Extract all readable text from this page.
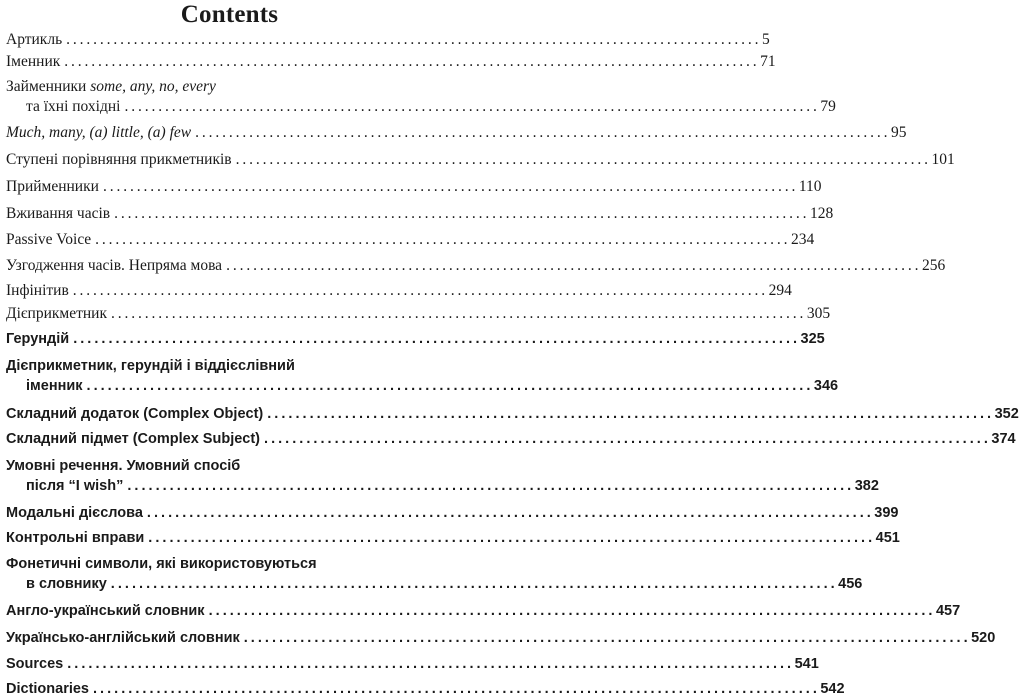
Contents
Артикль . . .	5
Іменник . . .	71
Займенники some, any, no, every
та їхні похідні . . .	79
Much, many, (a) little, (a) few . . .	95
Ступені порівняння прикметників . . .	101
Прийменники . . .	110
Вживання часів . . .	128
Passive Voice . . .	234
Узгодження часів. Непряма мова . . .	256
Інфінітив . . .	294
Дієприкметник . . .	305
Герундій . . .	325
Дієприкметник, герундій і віддієслівний
іменник . . .	346
Складний додаток (Complex Object) . . .	352
Складний підмет (Complex Subject) . . .	374
Умовні речення. Умовний спосіб
після “I wish” . . .	382
Модальні дієслова . . .	399
Контрольні вправи . . .	451
Фонетичні символи, які використовуються
в словнику . . .	456
Англо-український словник . . .	457
Українсько-англійський словник . . .	520
Sources . . .	541
Dictionaries . . .	542
